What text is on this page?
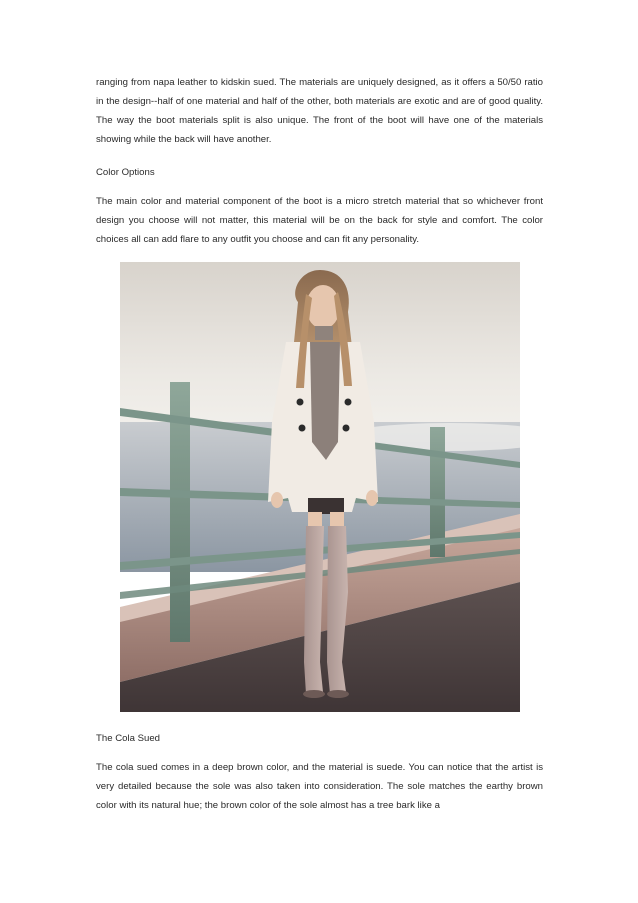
ranging from napa leather to kidskin sued. The materials are uniquely designed, as it offers a 50/50 ratio in the design--half of one material and half of the other, both materials are exotic and are of good quality. The way the boot materials split is also unique. The front of the boot will have one of the materials showing while the back will have another.

Color Options

The main color and material component of the boot is a micro stretch material that so whichever front design you choose will not matter, this material will be on the back for style and comfort. The color choices all can add flare to any outfit you choose and can fit any personality.

The Cola Sued

The cola sued comes in a deep brown color, and the material is suede. You can notice that the artist is very detailed because the sole was also taken into consideration. The sole matches the earthy brown color with its natural hue; the brown color of the sole almost has a tree bark like a
